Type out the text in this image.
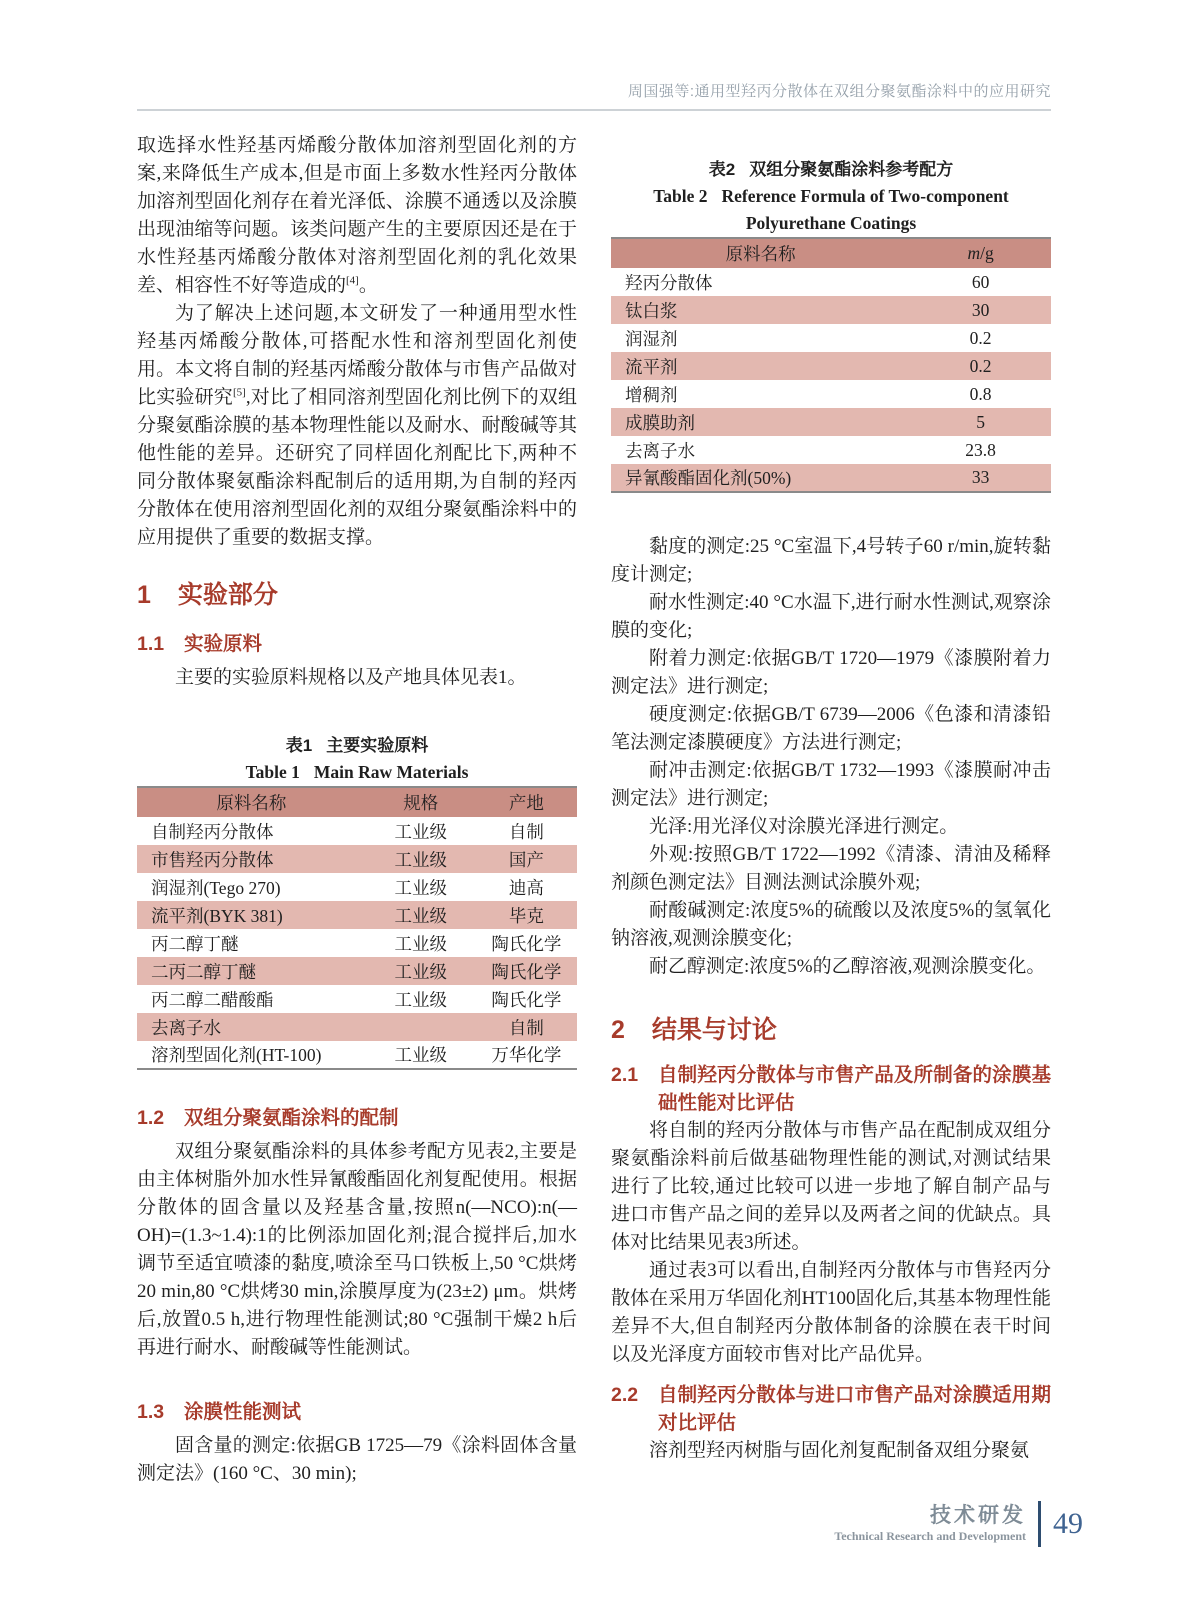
周国强等:通用型羟丙分散体在双组分聚氨酯涂料中的应用研究

取选择水性羟基丙烯酸分散体加溶剂型固化剂的方案,来降低生产成本,但是市面上多数水性羟丙分散体加溶剂型固化剂存在着光泽低、涂膜不通透以及涂膜出现油缩等问题。该类问题产生的主要原因还是在于水性羟基丙烯酸分散体对溶剂型固化剂的乳化效果差、相容性不好等造成的[4]。

为了解决上述问题,本文研发了一种通用型水性羟基丙烯酸分散体,可搭配水性和溶剂型固化剂使用。本文将自制的羟基丙烯酸分散体与市售产品做对比实验研究[5],对比了相同溶剂型固化剂比例下的双组分聚氨酯涂膜的基本物理性能以及耐水、耐酸碱等其他性能的差异。还研究了同样固化剂配比下,两种不同分散体聚氨酯涂料配制后的适用期,为自制的羟丙分散体在使用溶剂型固化剂的双组分聚氨酯涂料中的应用提供了重要的数据支撑。

1 实验部分
1.1	实验原料

主要的实验原料规格以及产地具体见表1。

表1 主要实验原料
Table 1 Main Raw Materials
原料名称	规格	产地
自制羟丙分散体	工业级	自制
市售羟丙分散体	工业级	国产
润湿剂(Tego 270)	工业级	迪高
流平剂(BYK 381)	工业级	毕克
丙二醇丁醚	工业级	陶氏化学
二丙二醇丁醚	工业级	陶氏化学
丙二醇二醋酸酯	工业级	陶氏化学
去离子水		自制
溶剂型固化剂(HT-100)	工业级	万华化学
1.2	双组分聚氨酯涂料的配制

双组分聚氨酯涂料的具体参考配方见表2,主要是由主体树脂外加水性异氰酸酯固化剂复配使用。根据分散体的固含量以及羟基含量,按照n(—NCO):n(—OH)=(1.3~1.4):1的比例添加固化剂;混合搅拌后,加水调节至适宜喷漆的黏度,喷涂至马口铁板上,50 °C烘烤20 min,80 °C烘烤30 min,涂膜厚度为(23±2) μm。烘烤后,放置0.5 h,进行物理性能测试;80 °C强制干燥2 h后再进行耐水、耐酸碱等性能测试。

1.3	涂膜性能测试

固含量的测定:依据GB 1725—79《涂料固体含量测定法》(160 °C、30 min);

表2 双组分聚氨酯涂料参考配方
Table 2 Reference Formula of Two-component
Polyurethane Coatings
原料名称	m/g
羟丙分散体	60
钛白浆	30
润湿剂	0.2
流平剂	0.2
增稠剂	0.8
成膜助剂	5
去离子水	23.8
异氰酸酯固化剂(50%)	33

黏度的测定:25 °C室温下,4号转子60 r/min,旋转黏度计测定;

耐水性测定:40 °C水温下,进行耐水性测试,观察涂膜的变化;

附着力测定:依据GB/T 1720—1979《漆膜附着力测定法》进行测定;

硬度测定:依据GB/T 6739—2006《色漆和清漆铅笔法测定漆膜硬度》方法进行测定;

耐冲击测定:依据GB/T 1732—1993《漆膜耐冲击测定法》进行测定;

光泽:用光泽仪对涂膜光泽进行测定。

外观:按照GB/T 1722—1992《清漆、清油及稀释剂颜色测定法》目测法测试涂膜外观;

耐酸碱测定:浓度5%的硫酸以及浓度5%的氢氧化钠溶液,观测涂膜变化;

耐乙醇测定:浓度5%的乙醇溶液,观测涂膜变化。

2 结果与讨论
2.1	自制羟丙分散体与市售产品及所制备的涂膜基础性能对比评估

将自制的羟丙分散体与市售产品在配制成双组分聚氨酯涂料前后做基础物理性能的测试,对测试结果进行了比较,通过比较可以进一步地了解自制产品与进口市售产品之间的差异以及两者之间的优缺点。具体对比结果见表3所述。

通过表3可以看出,自制羟丙分散体与市售羟丙分散体在采用万华固化剂HT100固化后,其基本物理性能差异不大,但自制羟丙分散体制备的涂膜在表干时间以及光泽度方面较市售对比产品优异。

2.2	自制羟丙分散体与进口市售产品对涂膜适用期对比评估

溶剂型羟丙树脂与固化剂复配制备双组分聚氨

技术研发
Technical Research and Development 49
